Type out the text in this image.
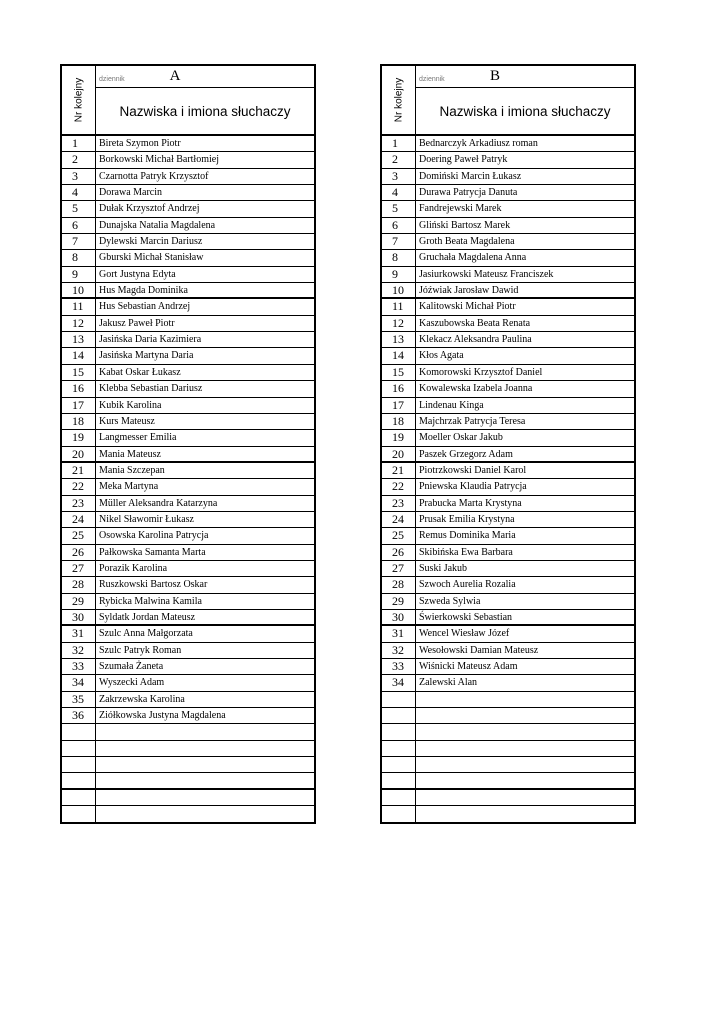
Nr kolejny dziennik	A
Nazwiska i imiona słuchaczy
1	Bireta Szymon Piotr
2	Borkowski Michał Bartłomiej
3	Czarnotta Patryk Krzysztof
4	Dorawa Marcin
5	Dułak Krzysztof Andrzej
6	Dunajska Natalia Magdalena
7	Dylewski Marcin Dariusz
8	Gburski Michał Stanisław
9	Gort Justyna Edyta
10	Hus Magda Dominika
11	Hus Sebastian Andrzej
12	Jakusz Paweł Piotr
13	Jasińska Daria Kazimiera
14	Jasińska Martyna Daria
15	Kabat Oskar Łukasz
16	Klebba Sebastian Dariusz
17	Kubik Karolina
18	Kurs Mateusz
19	Langmesser Emilia
20	Mania Mateusz
21	Mania Szczepan
22	Meka Martyna
23	Müller Aleksandra Katarzyna
24	Nikel Sławomir Łukasz
25	Osowska Karolina Patrycja
26	Pałkowska Samanta Marta
27	Porazik Karolina
28	Ruszkowski Bartosz Oskar
29	Rybicka Malwina Kamila
30	Syldatk Jordan Mateusz
31	Szulc Anna Małgorzata
32	Szulc Patryk Roman
33	Szumała Żaneta
34	Wyszecki Adam
35	Zakrzewska Karolina
36	Ziółkowska Justyna Magdalena
Nr kolejny dziennik	B
Nazwiska i imiona słuchaczy
1	Bednarczyk Arkadiusz roman
2	Doering Paweł Patryk
3	Domiński Marcin Łukasz
4	Durawa Patrycja Danuta
5	Fandrejewski Marek
6	Gliński Bartosz Marek
7	Groth Beata Magdalena
8	Gruchała Magdalena Anna
9	Jasiurkowski Mateusz Franciszek
10	Jóźwiak Jarosław Dawid
11	Kalitowski Michał Piotr
12	Kaszubowska Beata Renata
13	Klekacz Aleksandra Paulina
14	Kłos Agata
15	Komorowski Krzysztof Daniel
16	Kowalewska Izabela Joanna
17	Lindenau Kinga
18	Majchrzak Patrycja Teresa
19	Moeller Oskar Jakub
20	Paszek Grzegorz Adam
21	Piotrzkowski Daniel Karol
22	Pniewska Klaudia Patrycja
23	Prabucka Marta Krystyna
24	Prusak Emilia Krystyna
25	Remus Dominika Maria
26	Skibińska Ewa Barbara
27	Suski Jakub
28	Szwoch Aurelia Rozalia
29	Szweda Sylwia
30	Świerkowski Sebastian
31	Wencel Wiesław Józef
32	Wesołowski Damian Mateusz
33	Wiśnicki Mateusz Adam
34	Zalewski Alan
